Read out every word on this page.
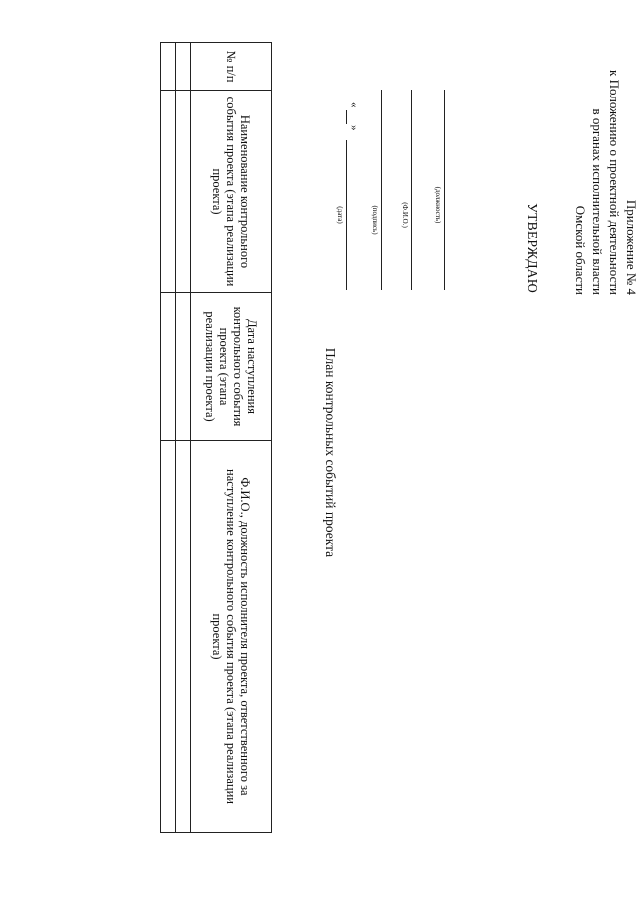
Приложение № 4
к Положению о проектной деятельности
в органах исполнительной власти
Омской области
УТВЕРЖДАЮ
(должность)
(Ф.И.О.)
(подпись)
«
»
(дата)
План контрольных событий проекта
№ п/п	Наименование контрольного события проекта (этапа реализации проекта)	Дата наступления контрольного события проекта (этапа реализации проекта)	Ф.И.О., должность исполнителя проекта, ответственного за наступление контрольного события проекта (этапа реализации проекта)
